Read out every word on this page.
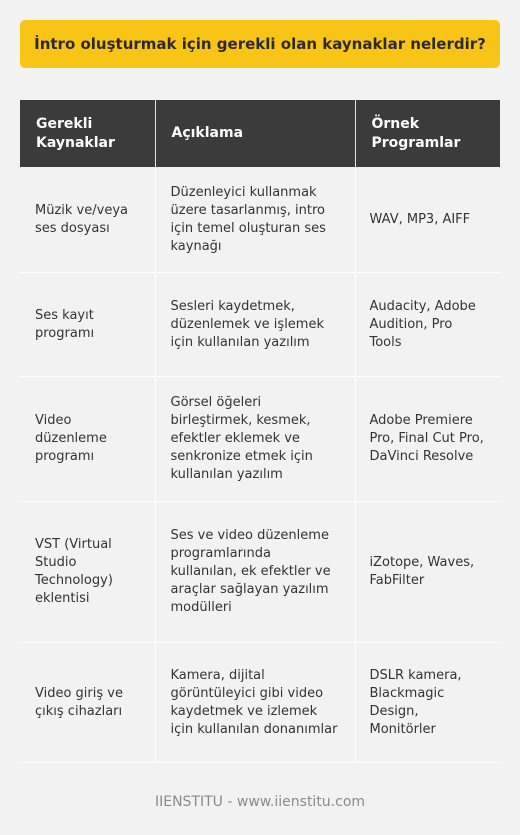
İntro oluşturmak için gerekli olan kaynaklar nelerdir?
Gerekli Kaynaklar	Açıklama	Örnek Programlar
Müzik ve/veya ses dosyası	Düzenleyici kullanmak üzere tasarlanmış, intro için temel oluşturan ses kaynağı	WAV, MP3, AIFF
Ses kayıt programı	Sesleri kaydetmek, düzenlemek ve işlemek için kullanılan yazılım	Audacity, Adobe Audition, Pro Tools
Video düzenleme programı	Görsel öğeleri birleştirmek, kesmek, efektler eklemek ve senkronize etmek için kullanılan yazılım	Adobe Premiere Pro, Final Cut Pro, DaVinci Resolve
VST (Virtual Studio Technology) eklentisi	Ses ve video düzenleme programlarında kullanılan, ek efektler ve araçlar sağlayan yazılım modülleri	iZotope, Waves, FabFilter
Video giriş ve çıkış cihazları	Kamera, dijital görüntüleyici gibi video kaydetmek ve izlemek için kullanılan donanımlar	DSLR kamera, Blackmagic Design, Monitörler
IIENSTITU - www.iienstitu.com
